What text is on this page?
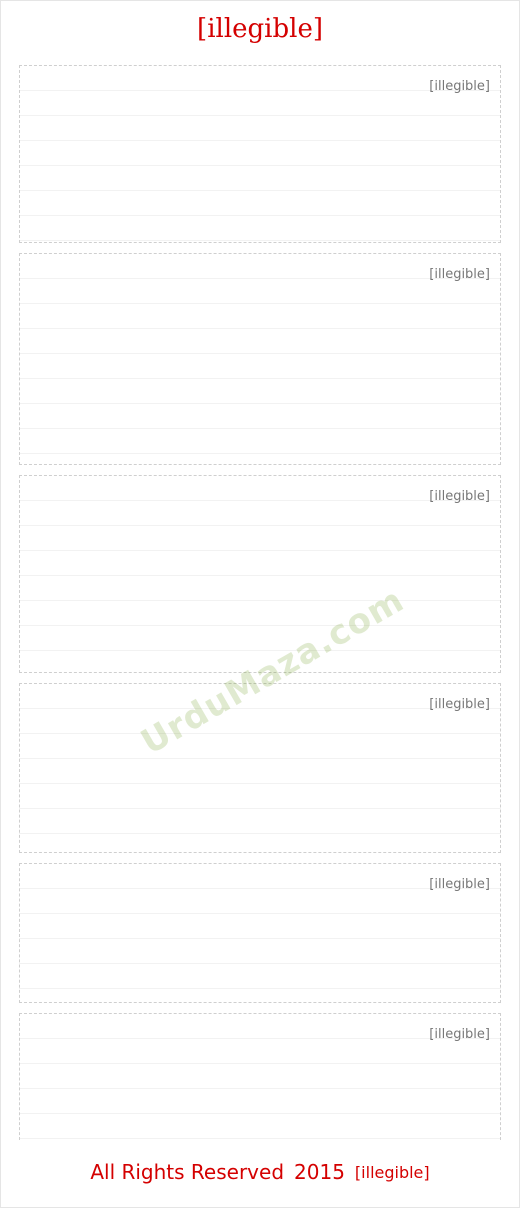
[illegible]

[illegible]

[illegible]

[illegible]

[illegible]

[illegible]

[illegible]

All Rights Reserved 2015 [illegible]
